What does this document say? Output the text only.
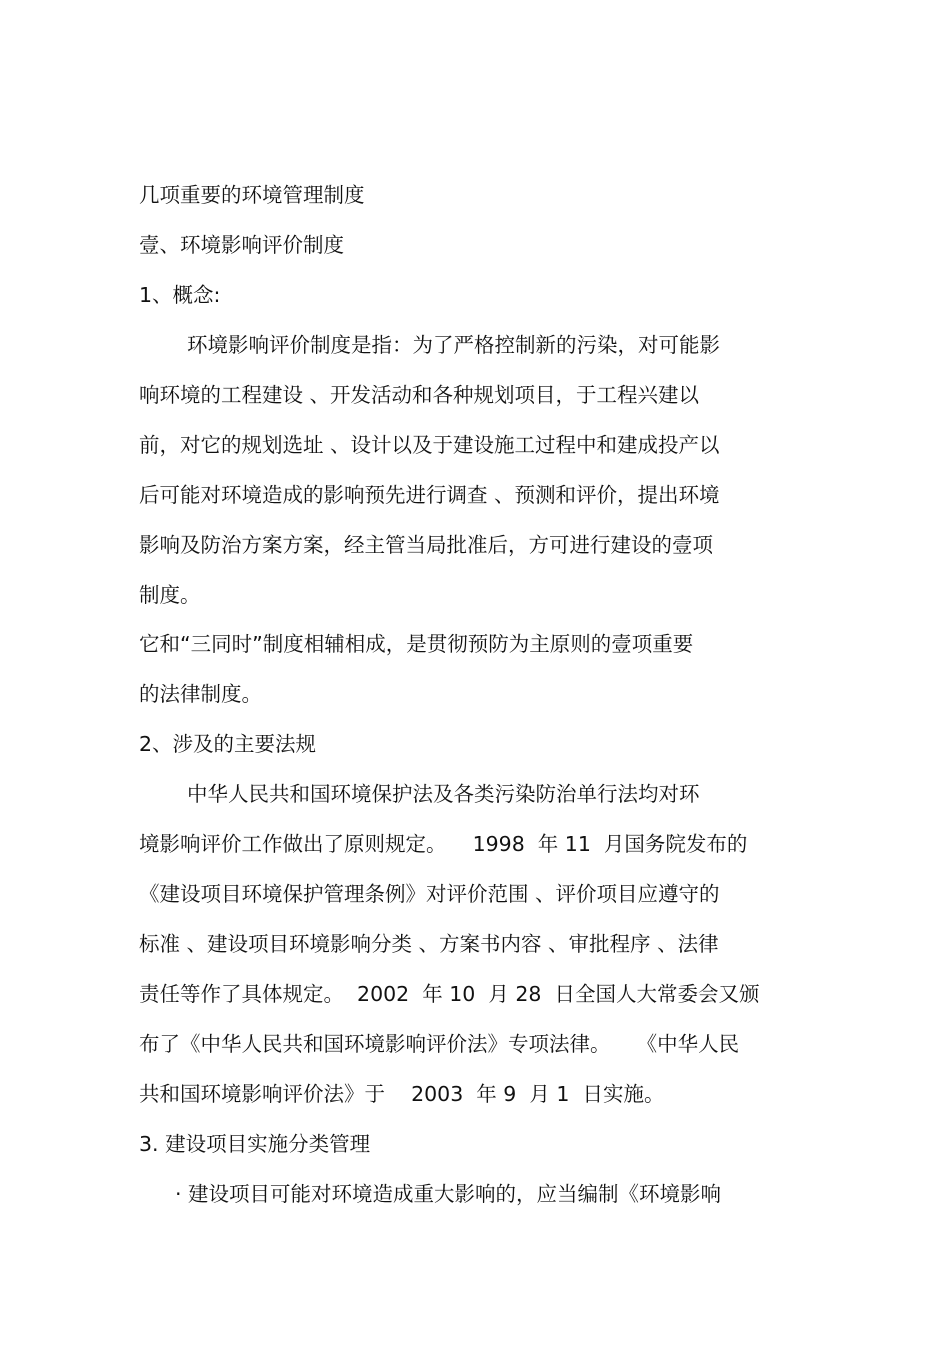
几项重要的环境管理制度
壹、环境影响评价制度
1、概念:
环境影响评价制度是指：为了严格控制新的污染，对可能影
响环境的工程建设 、开发活动和各种规划项目，于工程兴建以
前，对它的规划选址 、设计以及于建设施工过程中和建成投产以
后可能对环境造成的影响预先进行调查 、预测和评价，提出环境
影响及防治方案方案，经主管当局批准后，方可进行建设的壹项
制度。
它和“三同时”制度相辅相成，是贯彻预防为主原则的壹项重要
的法律制度。
2、涉及的主要法规
中华人民共和国环境保护法及各类污染防治单行法均对环
境影响评价工作做出了原则规定。    1998  年 11  月国务院发布的
《建设项目环境保护管理条例》对评价范围 、评价项目应遵守的
标准 、建设项目环境影响分类 、方案书内容 、审批程序 、法律
责任等作了具体规定。  2002  年 10  月 28  日全国人大常委会又颁
布了《中华人民共和国环境影响评价法》专项法律。    《中华人民
共和国环境影响评价法》于    2003  年 9  月 1  日实施。
3. 建设项目实施分类管理
· 建设项目可能对环境造成重大影响的，应当编制《环境影响
